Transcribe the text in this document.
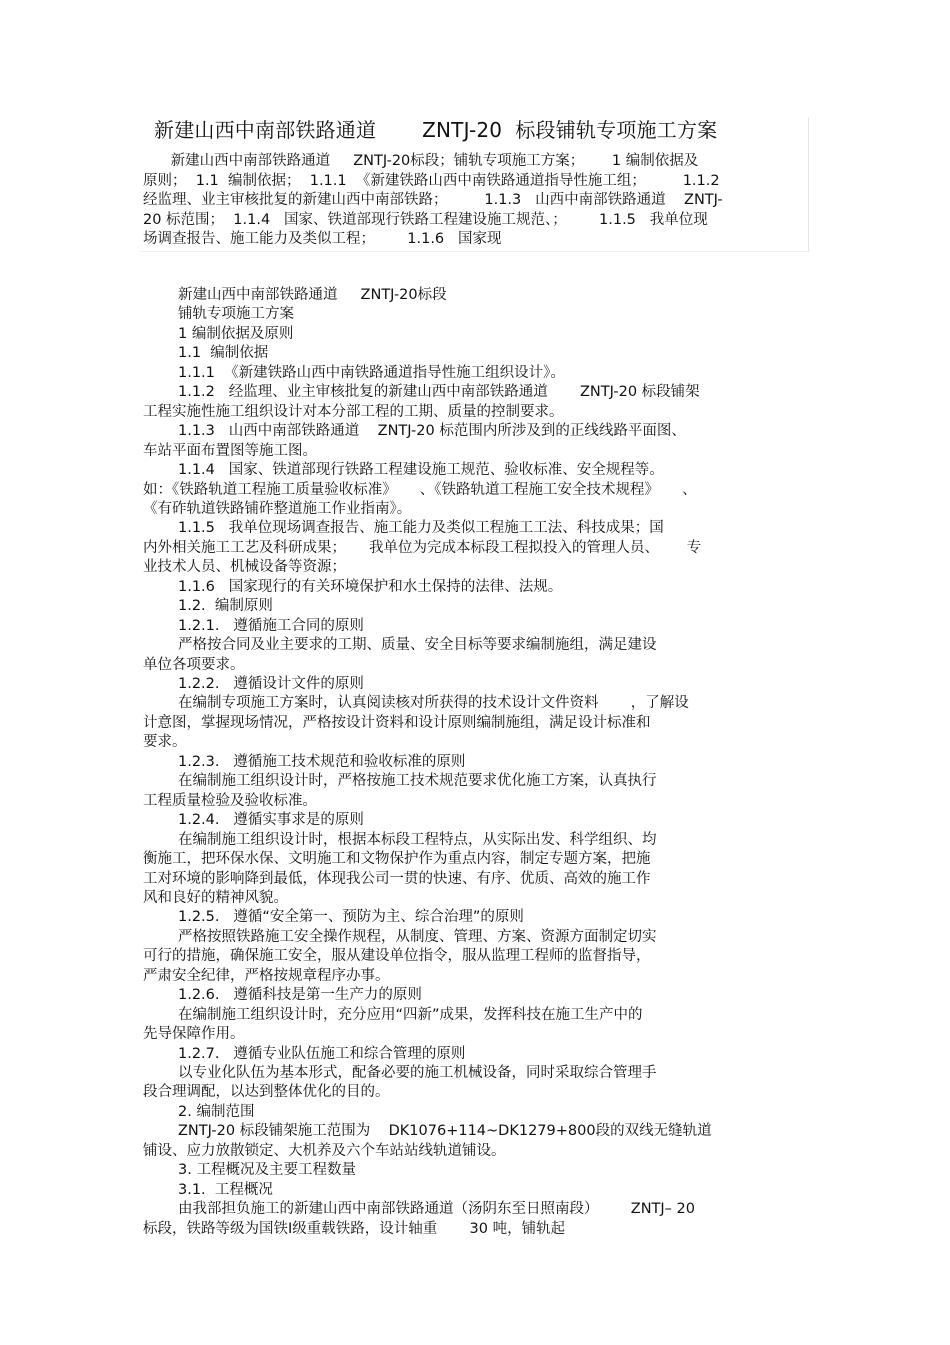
新建山西中南部铁路通道       ZNTJ-20  标段铺轨专项施工方案

新建山西中南部铁路通道     ZNTJ-20标段；铺轨专项施工方案；      1 编制依据及

原则；  1.1  编制依据；  1.1.1  《新建铁路山西中南铁路通道指导性施工组；        1.1.2

经监理、业主审核批复的新建山西中南部铁路；        1.1.3   山西中南部铁路通道    ZNTJ-

20 标范围；  1.1.4   国家、铁道部现行铁路工程建设施工规范、；       1.1.5   我单位现

场调查报告、施工能力及类似工程；       1.1.6   国家现

新建山西中南部铁路通道     ZNTJ-20标段

铺轨专项施工方案

1 编制依据及原则

1.1  编制依据

1.1.1  《新建铁路山西中南铁路通道指导性施工组织设计》。

1.1.2   经监理、业主审核批复的新建山西中南部铁路通道       ZNTJ-20 标段铺架

工程实施性施工组织设计对本分部工程的工期、质量的控制要求。

1.1.3   山西中南部铁路通道    ZNTJ-20 标范围内所涉及到的正线线路平面图、

车站平面布置图等施工图。

1.1.4   国家、铁道部现行铁路工程建设施工规范、验收标准、安全规程等。

如：《铁路轨道工程施工质量验收标准》     、《铁路轨道工程施工安全技术规程》     、

《有砟轨道铁路铺砟整道施工作业指南》。

1.1.5   我单位现场调查报告、施工能力及类似工程施工工法、科技成果；国

内外相关施工工艺及科研成果；     我单位为完成本标段工程拟投入的管理人员、      专

业技术人员、机械设备等资源；

1.1.6   国家现行的有关环境保护和水土保持的法律、法规。

1.2.  编制原则

1.2.1.   遵循施工合同的原则

严格按合同及业主要求的工期、质量、安全目标等要求编制施组，满足建设

单位各项要求。

1.2.2.   遵循设计文件的原则

在编制专项施工方案时，认真阅读核对所获得的技术设计文件资料       ，了解设

计意图，掌握现场情况，严格按设计资料和设计原则编制施组，满足设计标准和

要求。

1.2.3.   遵循施工技术规范和验收标准的原则

在编制施工组织设计时，严格按施工技术规范要求优化施工方案，认真执行

工程质量检验及验收标准。

1.2.4.   遵循实事求是的原则

在编制施工组织设计时，根据本标段工程特点，从实际出发、科学组织、均

衡施工，把环保水保、文明施工和文物保护作为重点内容，制定专题方案，把施

工对环境的影响降到最低，体现我公司一贯的快速、有序、优质、高效的施工作

风和良好的精神风貌。

1.2.5.   遵循“安全第一、预防为主、综合治理”的原则

严格按照铁路施工安全操作规程，从制度、管理、方案、资源方面制定切实

可行的措施，确保施工安全，服从建设单位指令，服从监理工程师的监督指导，

严肃安全纪律，严格按规章程序办事。

1.2.6.   遵循科技是第一生产力的原则

在编制施工组织设计时，充分应用“四新”成果，发挥科技在施工生产中的

先导保障作用。

1.2.7.   遵循专业队伍施工和综合管理的原则

以专业化队伍为基本形式，配备必要的施工机械设备，同时采取综合管理手

段合理调配，以达到整体优化的目的。

2. 编制范围

ZNTJ-20 标段铺架施工范围为    DK1076+114~DK1279+800段的双线无缝轨道

铺设、应力放散锁定、大机养及六个车站站线轨道铺设。

3. 工程概况及主要工程数量

3.1.  工程概况

由我部担负施工的新建山西中南部铁路通道（汤阴东至日照南段）       ZNTJ– 20

标段，铁路等级为国铁Ⅰ级重载铁路，设计轴重       30 吨，铺轨起
